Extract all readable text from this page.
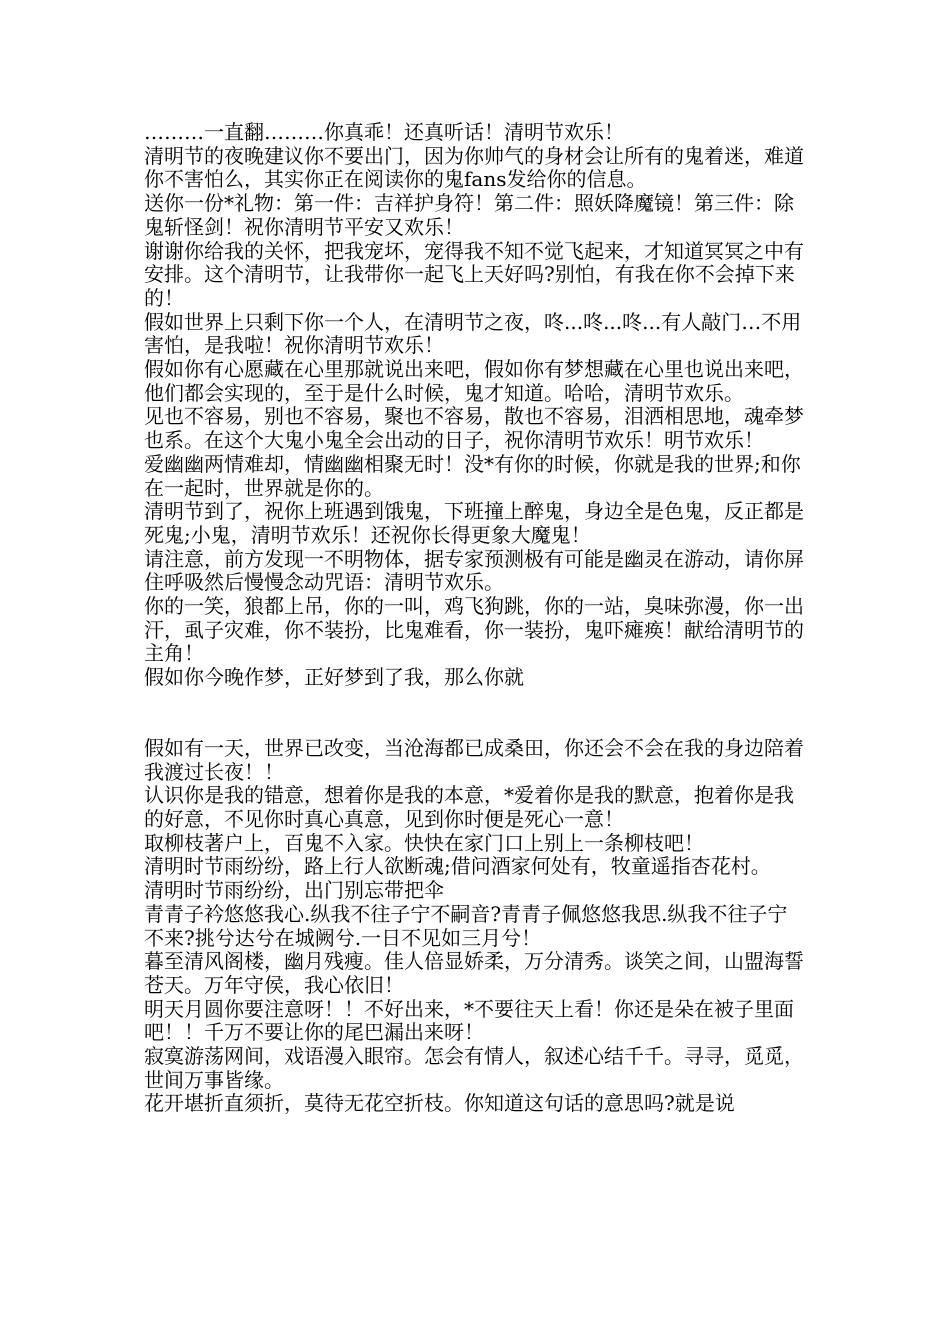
………一直翻………你真乖！还真听话！清明节欢乐！

清明节的夜晚建议你不要出门，因为你帅气的身材会让所有的鬼着迷，难道你不害怕么，其实你正在阅读你的鬼fans发给你的信息。

送你一份*礼物：第一件：吉祥护身符！第二件：照妖降魔镜！第三件：除鬼斩怪剑！祝你清明节平安又欢乐！

谢谢你给我的关怀，把我宠坏，宠得我不知不觉飞起来，才知道冥冥之中有安排。这个清明节，让我带你一起飞上天好吗?别怕，有我在你不会掉下来的！

假如世界上只剩下你一个人，在清明节之夜，咚...咚...咚...有人敲门…不用害怕，是我啦！祝你清明节欢乐！

假如你有心愿藏在心里那就说出来吧，假如你有梦想藏在心里也说出来吧，他们都会实现的，至于是什么时候，鬼才知道。哈哈，清明节欢乐。

见也不容易，别也不容易，聚也不容易，散也不容易，泪洒相思地，魂牵梦也系。在这个大鬼小鬼全会出动的日子，祝你清明节欢乐！明节欢乐！

爱幽幽两情难却，情幽幽相聚无时！没*有你的时候，你就是我的世界;和你在一起时，世界就是你的。

清明节到了，祝你上班遇到饿鬼，下班撞上醉鬼，身边全是色鬼，反正都是死鬼;小鬼，清明节欢乐！还祝你长得更象大魔鬼！

请注意，前方发现一不明物体，据专家预测极有可能是幽灵在游动，请你屏住呼吸然后慢慢念动咒语：清明节欢乐。

你的一笑，狼都上吊，你的一叫，鸡飞狗跳，你的一站，臭味弥漫，你一出汗，虱子灾难，你不装扮，比鬼难看，你一装扮，鬼吓瘫痪！献给清明节的主角！

假如你今晚作梦，正好梦到了我，那么你就

假如有一天，世界已改变，当沧海都已成桑田，你还会不会在我的身边陪着我渡过长夜！！

认识你是我的错意，想着你是我的本意，*爱着你是我的默意，抱着你是我的好意，不见你时真心真意，见到你时便是死心一意！

取柳枝著户上，百鬼不入家。快快在家门口上别上一条柳枝吧！

清明时节雨纷纷，路上行人欲断魂;借问酒家何处有，牧童遥指杏花村。

清明时节雨纷纷，出门别忘带把伞

青青子衿悠悠我心.纵我不往子宁不嗣音?青青子佩悠悠我思.纵我不往子宁不来?挑兮达兮在城阙兮.一日不见如三月兮！

暮至清风阁楼，幽月残瘦。佳人倍显娇柔，万分清秀。谈笑之间，山盟海誓苍天。万年守侯，我心依旧！

明天月圆你要注意呀！！不好出来，*不要往天上看！你还是朵在被子里面吧！！千万不要让你的尾巴漏出来呀！

寂寞游荡网间，戏语漫入眼帘。怎会有情人，叙述心结千千。寻寻，觅觅，世间万事皆缘。

花开堪折直须折，莫待无花空折枝。你知道这句话的意思吗?就是说
